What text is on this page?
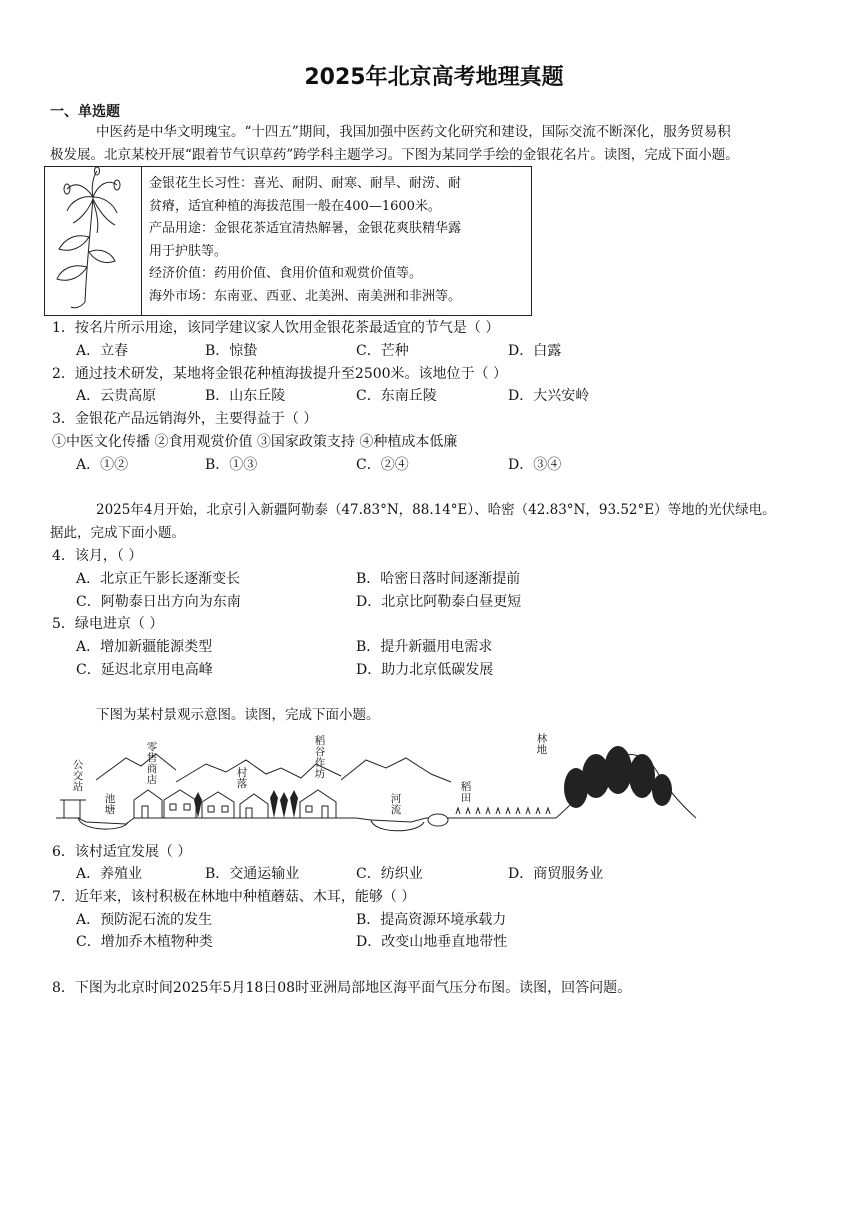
2025年北京高考地理真题
一、单选题
中医药是中华文明瑰宝。“十四五”期间，我国加强中医药文化研究和建设，国际交流不断深化，服务贸易积
极发展。北京某校开展“跟着节气识草药”跨学科主题学习。下图为某同学手绘的金银花名片。读图，完成下面小题。
金银花生长习性：喜光、耐阴、耐寒、耐旱、耐涝、耐
贫瘠，适宜种植的海拔范围一般在400—1600米。
产品用途：金银花茶适宜清热解暑，金银花爽肤精华露
用于护肤等。
经济价值：药用价值、食用价值和观赏价值等。
海外市场：东南亚、西亚、北美洲、南美洲和非洲等。
1．按名片所示用途，该同学建议家人饮用金银花茶最适宜的节气是（ ）
A．立春	B．惊蛰	C．芒种	D．白露
2．通过技术研发，某地将金银花种植海拔提升至2500米。该地位于（ ）
A．云贵高原	B．山东丘陵	C．东南丘陵	D．大兴安岭
3．金银花产品远销海外，主要得益于（ ）
①中医文化传播 ②食用观赏价值 ③国家政策支持 ④种植成本低廉
A．①②	B．①③	C．②④	D．③④
2025年4月开始，北京引入新疆阿勒泰（47.83°N，88.14°E）、哈密（42.83°N，93.52°E）等地的光伏绿电。
据此，完成下面小题。
4．该月，（ ）
A．北京正午影长逐渐变长	B．哈密日落时间逐渐提前
C．阿勒泰日出方向为东南	D．北京比阿勒泰白昼更短
5．绿电进京（ ）
A．增加新疆能源类型	B．提升新疆用电需求
C．延迟北京用电高峰	D．助力北京低碳发展
下图为某村景观示意图。读图，完成下面小题。
公交站
池塘
零售商店
村落
稻谷作坊
河流
稻田
林地
6．该村适宜发展（ ）
A．养殖业	B．交通运输业	C．纺织业	D．商贸服务业
7．近年来，该村积极在林地中种植蘑菇、木耳，能够（ ）
A．预防泥石流的发生	B．提高资源环境承载力
C．增加乔木植物种类	D．改变山地垂直地带性
8．下图为北京时间2025年5月18日08时亚洲局部地区海平面气压分布图。读图，回答问题。
